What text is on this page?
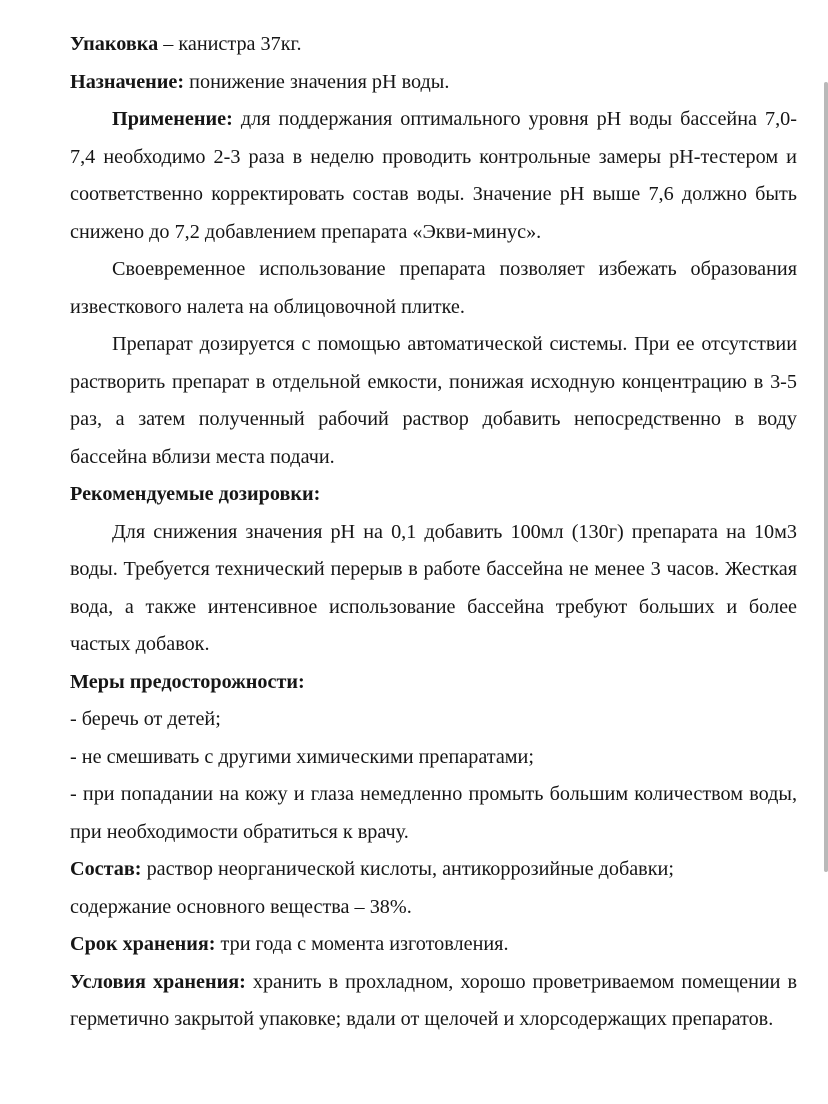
Упаковка – канистра 37кг.

Назначение: понижение значения pH воды.

Применение: для поддержания оптимального уровня pH воды бассейна 7,0-7,4 необходимо 2-3 раза в неделю проводить контрольные замеры pH-тестером и соответственно корректировать состав воды. Значение pH выше 7,6 должно быть снижено до 7,2 добавлением препарата «Экви-минус».

Своевременное использование препарата позволяет избежать образования известкового налета на облицовочной плитке.

Препарат дозируется с помощью автоматической системы. При ее отсутствии растворить препарат в отдельной емкости, понижая исходную концентрацию в 3-5 раз, а затем полученный рабочий раствор добавить непосредственно в воду бассейна вблизи места подачи.

Рекомендуемые дозировки:

Для снижения значения pH на 0,1 добавить 100мл (130г) препарата на 10м3 воды. Требуется технический перерыв в работе бассейна не менее 3 часов. Жесткая вода, а также интенсивное использование бассейна требуют больших и более частых добавок.

Меры предосторожности:

- беречь от детей;

- не смешивать с другими химическими препаратами;

- при попадании на кожу и глаза немедленно промыть большим количеством воды, при необходимости обратиться к врачу.

Состав: раствор неорганической кислоты, антикоррозийные добавки;

содержание основного вещества – 38%.

Срок хранения: три года с момента изготовления.

Условия хранения: хранить в прохладном, хорошо проветриваемом помещении в герметично закрытой упаковке; вдали от щелочей и хлорсодержащих препаратов.
